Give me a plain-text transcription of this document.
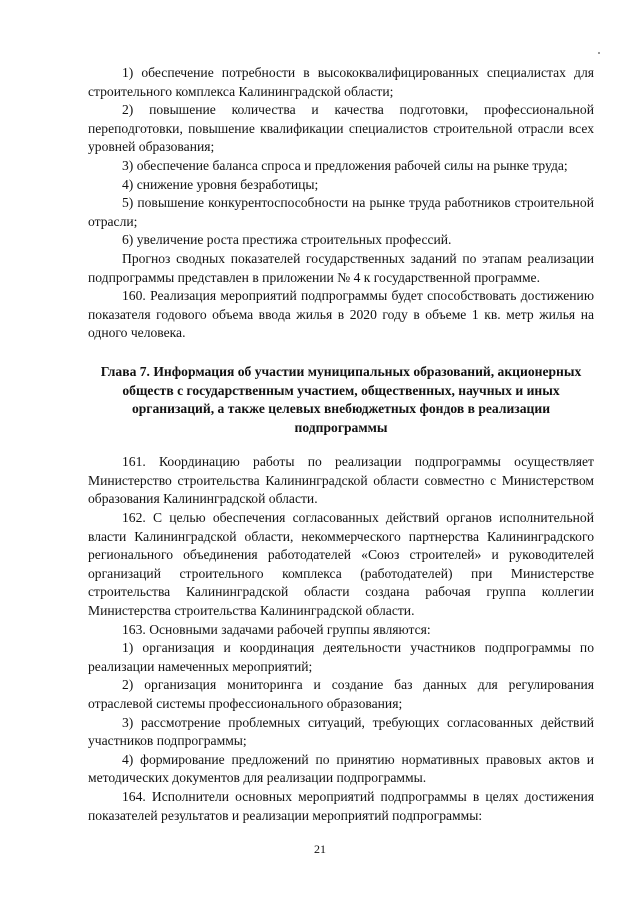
1) обеспечение потребности в высококвалифицированных специалистах для строительного комплекса Калининградской области;

2) повышение количества и качества подготовки, профессиональной переподготовки, повышение квалификации специалистов строительной отрасли всех уровней образования;

3) обеспечение баланса спроса и предложения рабочей силы на рынке труда;

4) снижение уровня безработицы;

5) повышение конкурентоспособности на рынке труда работников строительной отрасли;

6) увеличение роста престижа строительных профессий.

Прогноз сводных показателей государственных заданий по этапам реализации подпрограммы представлен в приложении № 4 к государственной программе.

160. Реализация мероприятий подпрограммы будет способствовать достижению показателя годового объема ввода жилья в 2020 году в объеме 1 кв. метр жилья на одного человека.

Глава 7. Информация об участии муниципальных образований, акционерных обществ с государственным участием, общественных, научных и иных организаций, а также целевых внебюджетных фондов в реализации подпрограммы

161. Координацию работы по реализации подпрограммы осуществляет Министерство строительства Калининградской области совместно с Министерством образования Калининградской области.

162. С целью обеспечения согласованных действий органов исполнительной власти Калининградской области, некоммерческого партнерства Калининградского регионального объединения работодателей «Союз строителей» и руководителей организаций строительного комплекса (работодателей) при Министерстве строительства Калининградской области создана рабочая группа коллегии Министерства строительства Калининградской области.

163. Основными задачами рабочей группы являются:

1) организация и координация деятельности участников подпрограммы по реализации намеченных мероприятий;

2) организация мониторинга и создание баз данных для регулирования отраслевой системы профессионального образования;

3) рассмотрение проблемных ситуаций, требующих согласованных действий участников подпрограммы;

4) формирование предложений по принятию нормативных правовых актов и методических документов для реализации подпрограммы.

164. Исполнители основных мероприятий подпрограммы в целях достижения показателей результатов и реализации мероприятий подпрограммы:

21
